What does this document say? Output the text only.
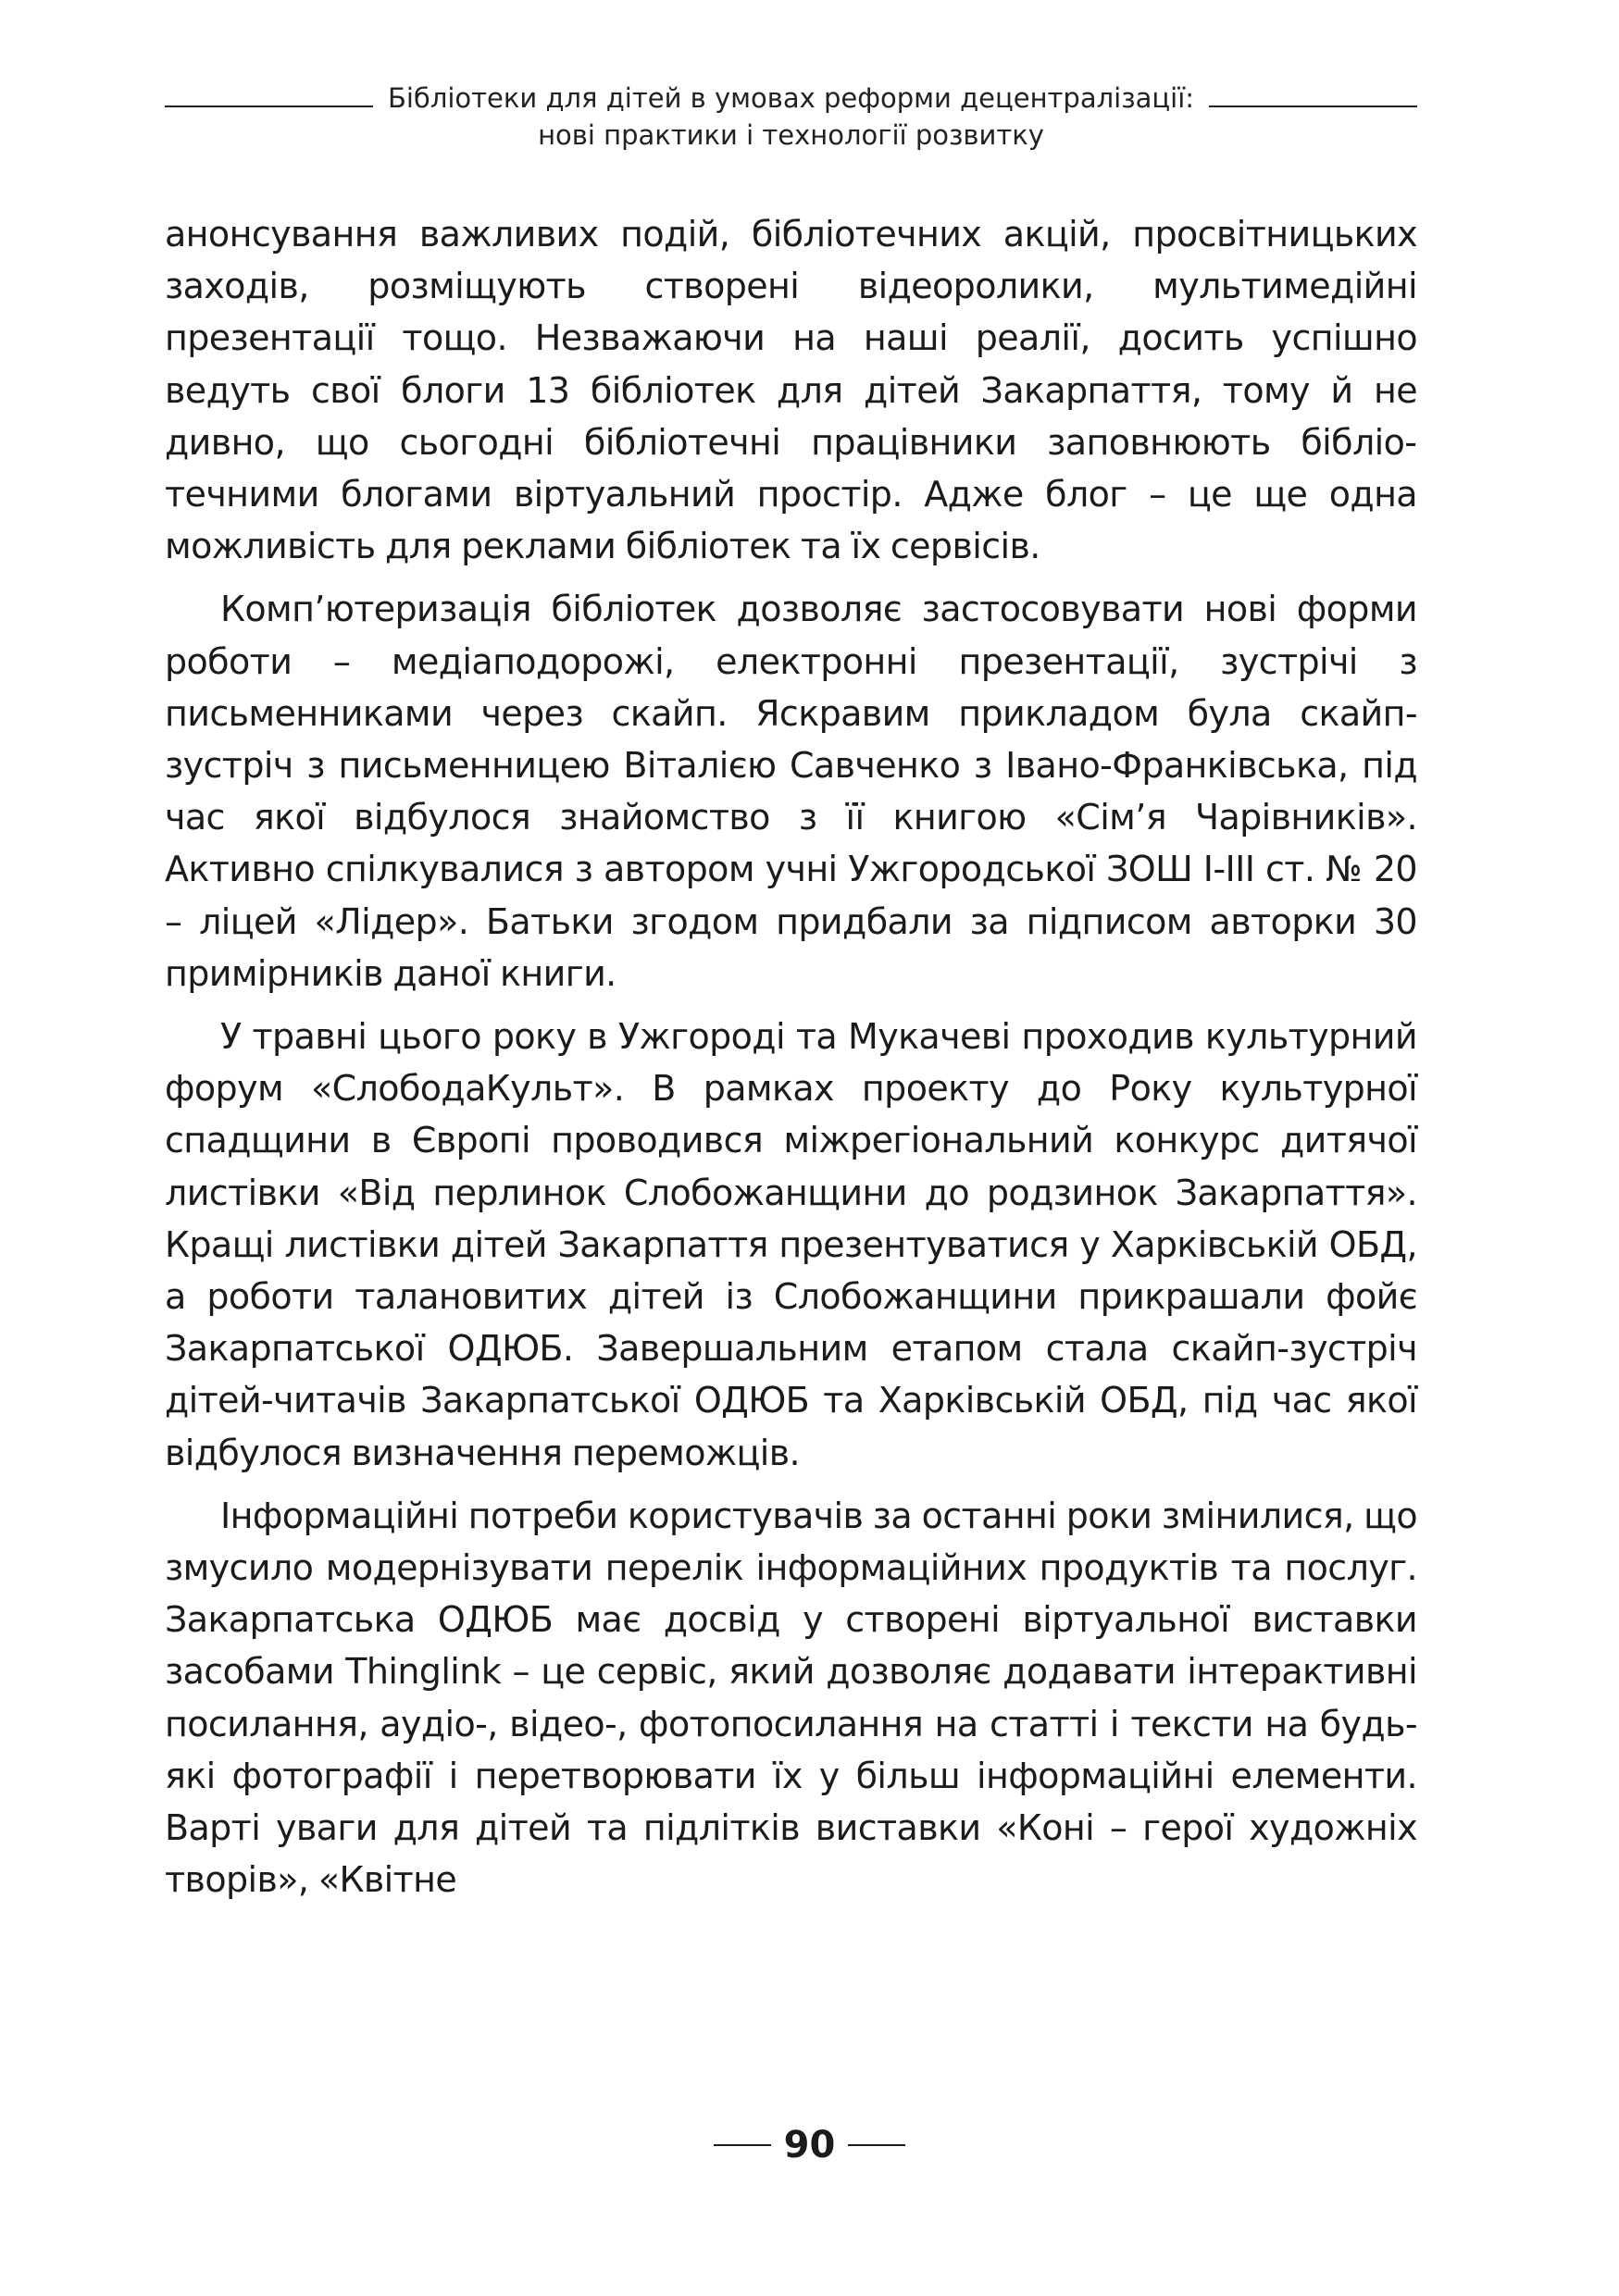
Бібліотеки для дітей в умовах реформи децентралізації:
нові практики і технології розвитку

анонсування важливих подій, бібліотечних акцій, просвітницьких заходів, розміщують створені відеоролики, мультимедійні презентації тощо. Незважаючи на наші реалії, досить успішно ведуть свої блоги 13 бібліотек для дітей Закарпаття, тому й не дивно, що сьогодні бібліотечні працівники заповнюють бібліотечними блогами віртуальний простір. Адже блог – це ще одна можливість для реклами бібліотек та їх сервісів.

Комп’ютеризація бібліотек дозволяє застосовувати нові форми роботи – медіаподорожі, електронні презентації, зустрічі з письменниками через скайп. Яскравим прикладом була скайп-зустріч з письменницею Віталією Савченко з Івано-Франківська, під час якої відбулося знайомство з її книгою «Сім’я Чарівників». Активно спілкувалися з автором учні Ужгородської ЗОШ І-ІІІ ст. № 20 – ліцей «Лідер». Батьки згодом придбали за підписом авторки 30 примірників даної книги.

У травні цього року в Ужгороді та Мукачеві проходив культурний форум «СлободаКульт». В рамках проекту до Року культурної спадщини в Європі проводився міжрегіональний конкурс дитячої листівки «Від перлинок Слобожанщини до родзинок Закарпаття». Кращі листівки дітей Закарпаття презентуватися у Харківській ОБД, а роботи талановитих дітей із Слобожанщини прикрашали фойє Закарпатської ОДЮБ. Завершальним етапом стала скайп-зустріч дітей-читачів Закарпатської ОДЮБ та Харківській ОБД, під час якої відбулося визначення переможців.

Інформаційні потреби користувачів за останні роки змінилися, що змусило модернізувати перелік інформаційних продуктів та послуг. Закарпатська ОДЮБ має досвід у створені віртуальної виставки засобами Thinglink – це сервіс, який дозволяє додавати інтерактивні посилання, аудіо-, відео-, фотопосилання на статті і тексти на будь-які фотографії і перетворювати їх у більш інформаційні елементи. Варті уваги для дітей та підлітків виставки «Коні – герої художніх творів», «Квітне

90
